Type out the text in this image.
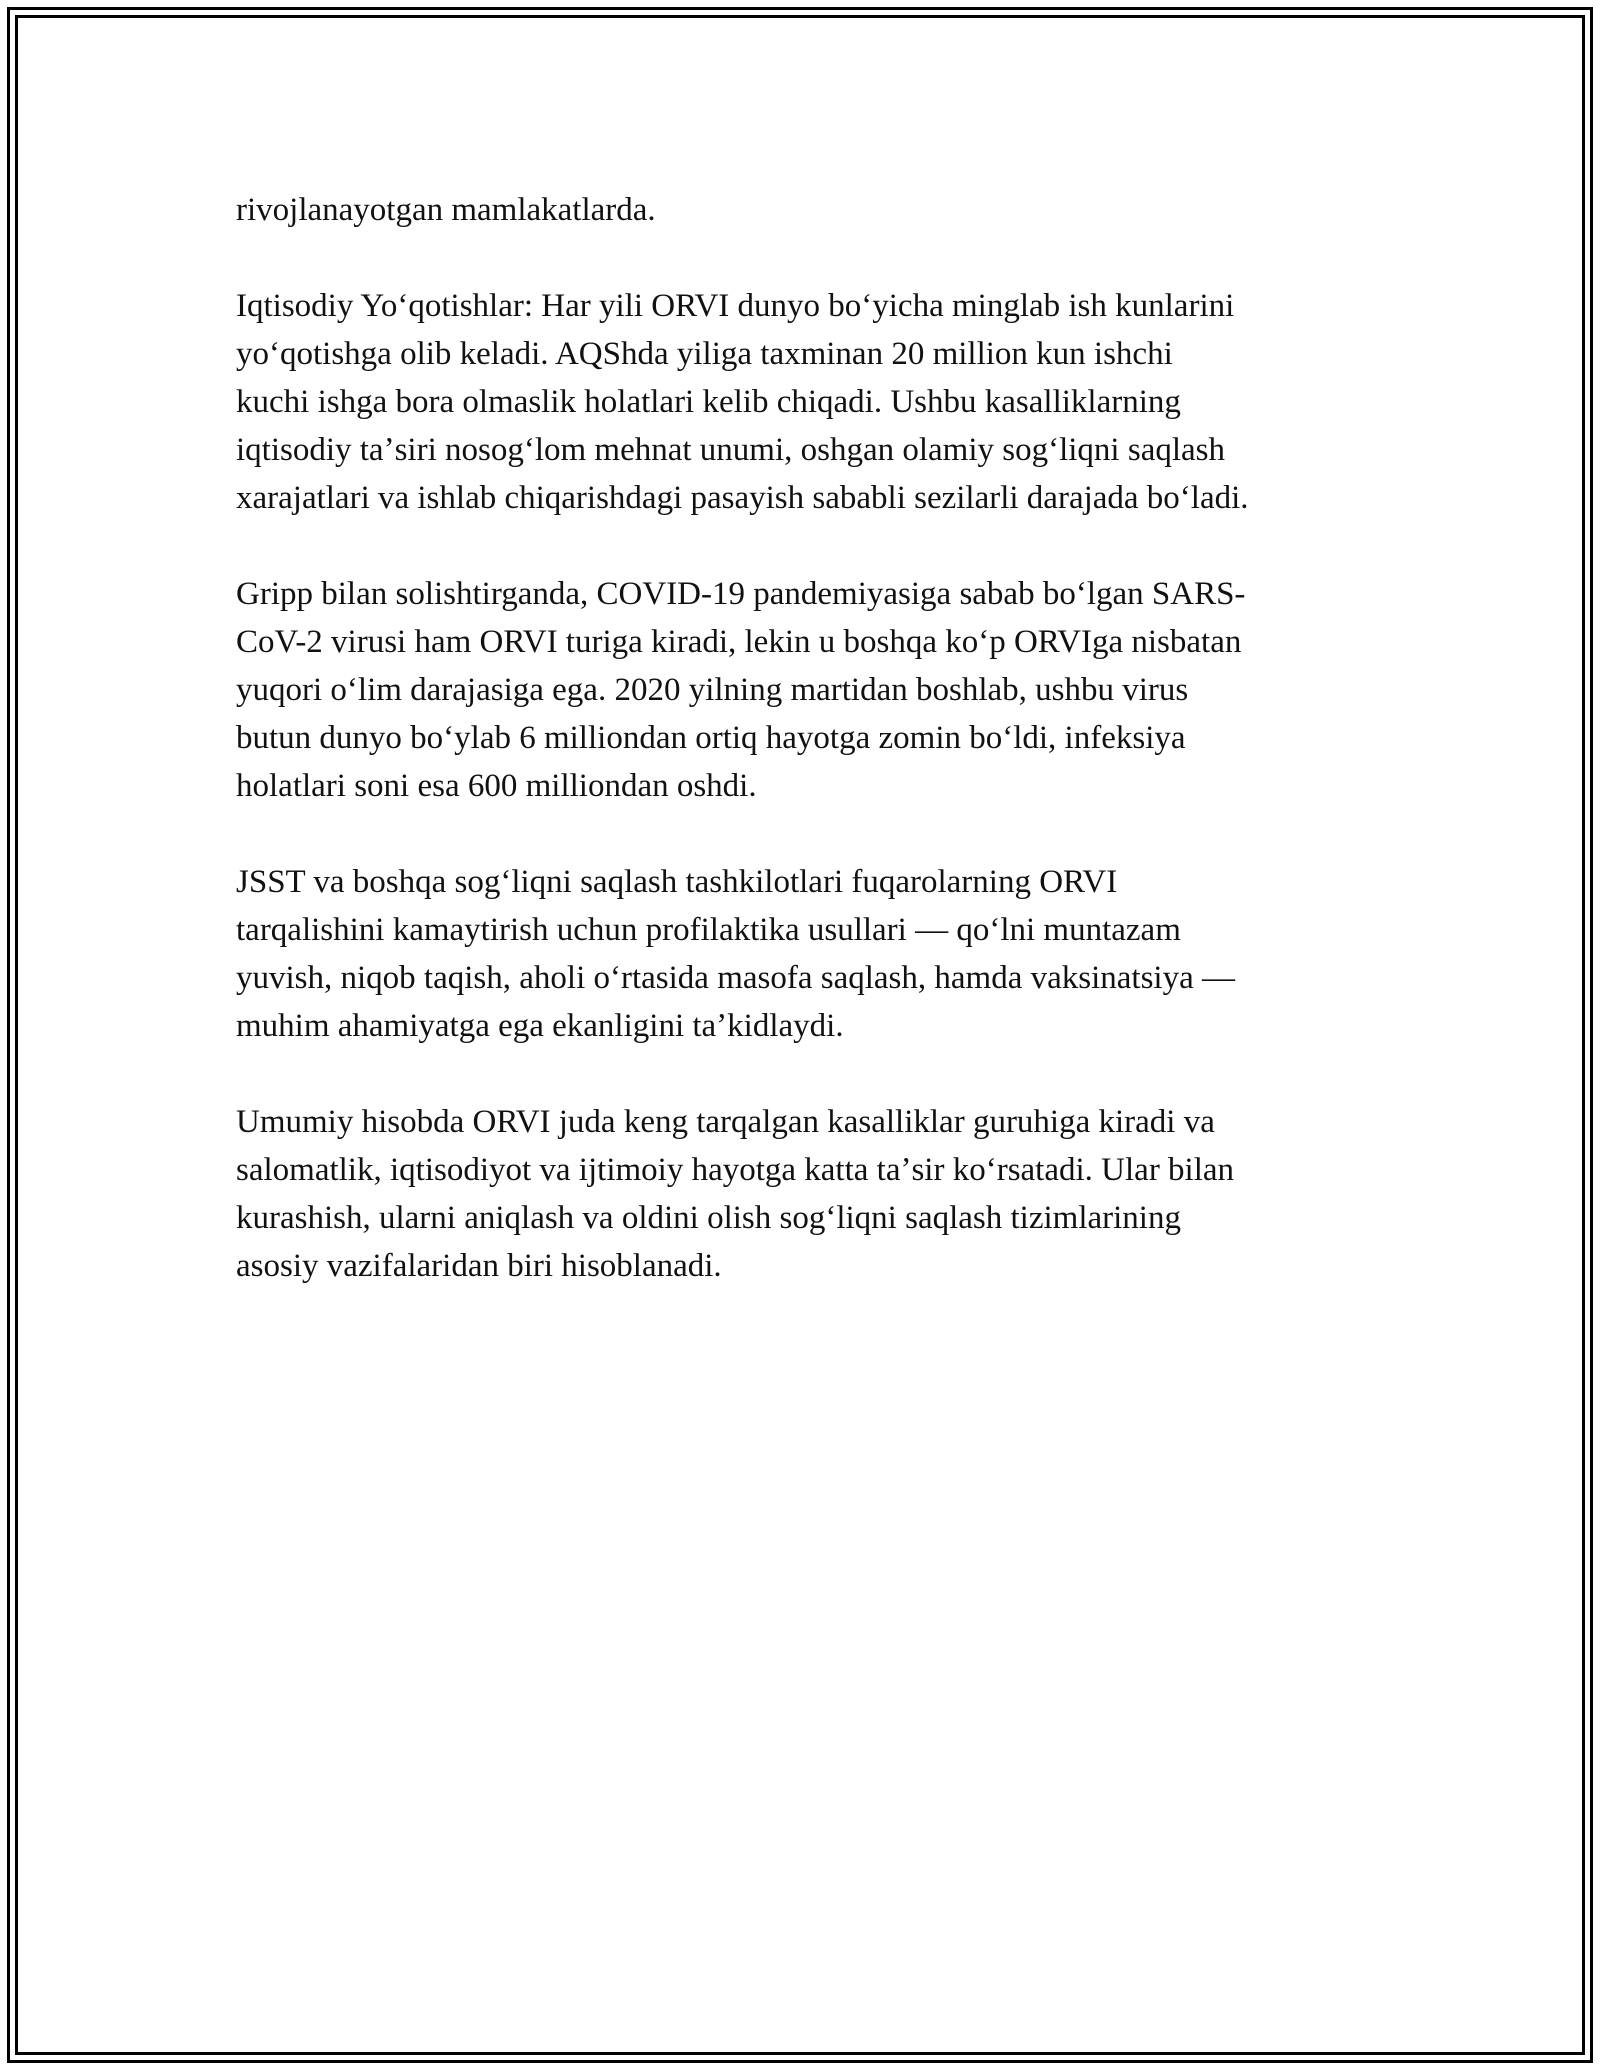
rivojlanayotgan mamlakatlarda.

Iqtisodiy Yoʻqotishlar: Har yili ORVI dunyo boʻyicha minglab ish kunlarini
yoʻqotishga olib keladi. AQShda yiliga taxminan 20 million kun ishchi
kuchi ishga bora olmaslik holatlari kelib chiqadi. Ushbu kasalliklarning
iqtisodiy taʼsiri nosogʻlom mehnat unumi, oshgan olamiy sogʻliqni saqlash
xarajatlari va ishlab chiqarishdagi pasayish sababli sezilarli darajada boʻladi.

Gripp bilan solishtirganda, COVID-19 pandemiyasiga sabab boʻlgan SARS-
CoV-2 virusi ham ORVI turiga kiradi, lekin u boshqa koʻp ORVIga nisbatan
yuqori oʻlim darajasiga ega. 2020 yilning martidan boshlab, ushbu virus
butun dunyo boʻylab 6 milliondan ortiq hayotga zomin boʻldi, infeksiya
holatlari soni esa 600 milliondan oshdi.

JSST va boshqa sogʻliqni saqlash tashkilotlari fuqarolarning ORVI
tarqalishini kamaytirish uchun profilaktika usullari — qoʻlni muntazam
yuvish, niqob taqish, aholi oʻrtasida masofa saqlash, hamda vaksinatsiya —
muhim ahamiyatga ega ekanligini taʼkidlaydi.

Umumiy hisobda ORVI juda keng tarqalgan kasalliklar guruhiga kiradi va
salomatlik, iqtisodiyot va ijtimoiy hayotga katta taʼsir koʻrsatadi. Ular bilan
kurashish, ularni aniqlash va oldini olish sogʻliqni saqlash tizimlarining
asosiy vazifalaridan biri hisoblanadi.
